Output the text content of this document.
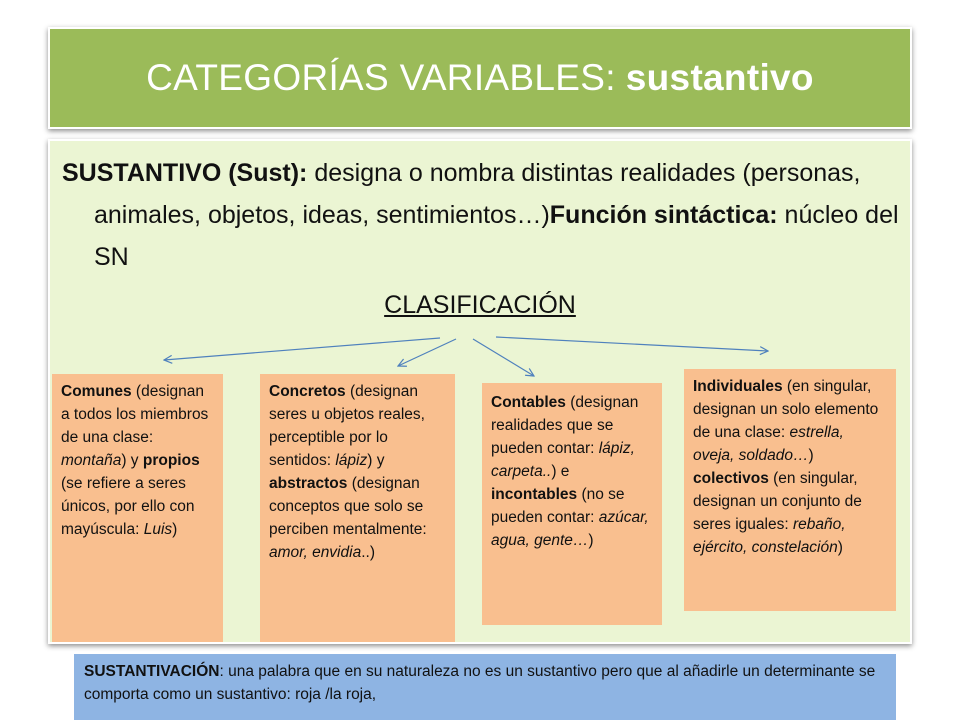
CATEGORÍAS VARIABLES: sustantivo
SUSTANTIVO (Sust): designa o nombra distintas realidades (personas, animales, objetos, ideas, sentimientos…)Función sintáctica: núcleo del SN
CLASIFICACIÓN
Comunes (designan a todos los miembros de una clase: montaña) y propios (se refiere a seres únicos, por ello con mayúscula: Luis)
Concretos (designan seres u objetos reales, perceptible por lo sentidos: lápiz) y abstractos (designan conceptos que solo se perciben mentalmente: amor, envidia..)
Contables (designan realidades que se pueden contar: lápiz, carpeta..) e incontables (no se pueden contar: azúcar, agua, gente…)
Individuales (en singular, designan un solo elemento de una clase: estrella, oveja, soldado…) colectivos (en singular, designan un conjunto de seres iguales: rebaño, ejército, constelación)
SUSTANTIVACIÓN: una palabra que en su naturaleza no es un sustantivo pero que al añadirle un determinante se comporta como un sustantivo: roja /la roja,
